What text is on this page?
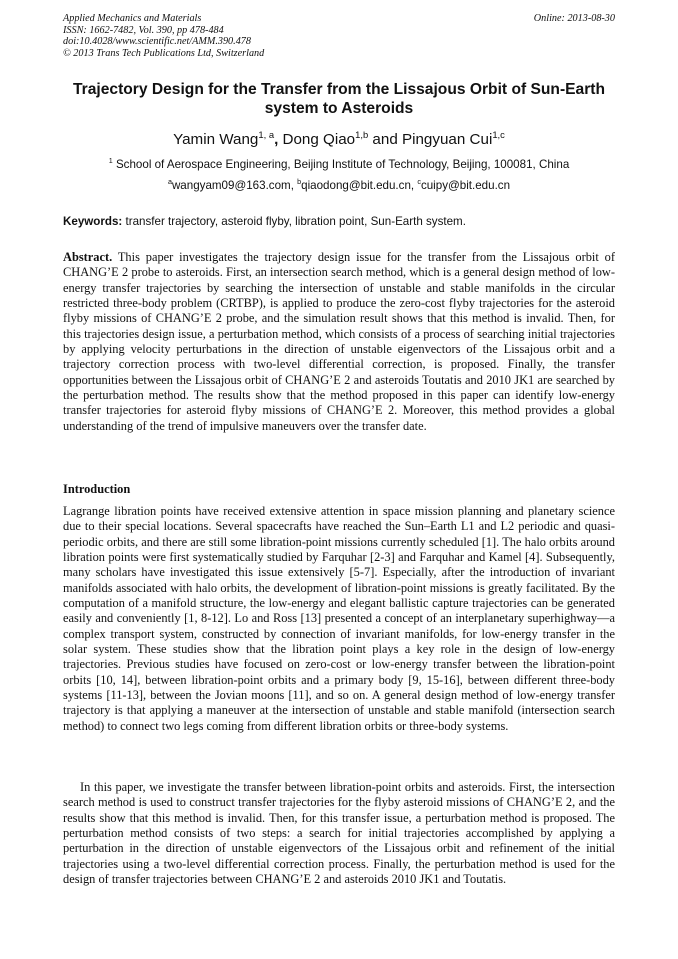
Applied Mechanics and Materials
ISSN: 1662-7482, Vol. 390, pp 478-484
doi:10.4028/www.scientific.net/AMM.390.478
© 2013 Trans Tech Publications Ltd, Switzerland
Online: 2013-08-30
Trajectory Design for the Transfer from the Lissajous Orbit of Sun-Earth system to Asteroids
Yamin Wang$^{1, a}$, Dong Qiao$^{1,b}$ and Pingyuan Cui$^{1,c}$
$^1$ School of Aerospace Engineering, Beijing Institute of Technology, Beijing, 100081, China
$^a$wangyam09@163.com, $^b$qiaodong@bit.edu.cn, $^c$cuipy@bit.edu.cn
Keywords: transfer trajectory, asteroid flyby, libration point, Sun-Earth system.

Abstract. This paper investigates the trajectory design issue for the transfer from the Lissajous orbit of CHANG’E 2 probe to asteroids. First, an intersection search method, which is a general design method of low-energy transfer trajectories by searching the intersection of unstable and stable manifolds in the circular restricted three-body problem (CRTBP), is applied to produce the zero-cost flyby trajectories for the asteroid flyby missions of CHANG’E 2 probe, and the simulation result shows that this method is invalid. Then, for this trajectories design issue, a perturbation method, which consists of a process of searching initial trajectories by applying velocity perturbations in the direction of unstable eigenvectors of the Lissajous orbit and a trajectory correction process with two-level differential correction, is proposed. Finally, the transfer opportunities between the Lissajous orbit of CHANG’E 2 and asteroids Toutatis and 2010 JK1 are searched by the perturbation method. The results show that the method proposed in this paper can identify low-energy transfer trajectories for asteroid flyby missions of CHANG’E 2. Moreover, this method provides a global understanding of the trend of impulsive maneuvers over the transfer date.

Introduction

Lagrange libration points have received extensive attention in space mission planning and planetary science due to their special locations. Several spacecrafts have reached the Sun–Earth L1 and L2 periodic and quasi-periodic orbits, and there are still some libration-point missions currently scheduled [1]. The halo orbits around libration points were first systematically studied by Farquhar [2-3] and Farquhar and Kamel [4]. Subsequently, many scholars have investigated this issue extensively [5-7]. Especially, after the introduction of invariant manifolds associated with halo orbits, the development of libration-point missions is greatly facilitated. By the computation of a manifold structure, the low-energy and elegant ballistic capture trajectories can be generated easily and conveniently [1, 8-12]. Lo and Ross [13] presented a concept of an interplanetary superhighway—a complex transport system, constructed by connection of invariant manifolds, for low-energy transfer in the solar system. These studies show that the libration point plays a key role in the design of low-energy trajectories. Previous studies have focused on zero-cost or low-energy transfer between the libration-point orbits [10, 14], between libration-point orbits and a primary body [9, 15-16], between different three-body systems [11-13], between the Jovian moons [11], and so on. A general design method of low-energy transfer trajectory is that applying a maneuver at the intersection of unstable and stable manifold (intersection search method) to connect two legs coming from different libration orbits or three-body systems.

In this paper, we investigate the transfer between libration-point orbits and asteroids. First, the intersection search method is used to construct transfer trajectories for the flyby asteroid missions of CHANG’E 2, and the results show that this method is invalid. Then, for this transfer issue, a perturbation method is proposed. The perturbation method consists of two steps: a search for initial trajectories accomplished by applying a perturbation in the direction of unstable eigenvectors of the Lissajous orbit and refinement of the initial trajectories using a two-level differential correction process. Finally, the perturbation method is used for the design of transfer trajectories between CHANG’E 2 and asteroids 2010 JK1 and Toutatis.
